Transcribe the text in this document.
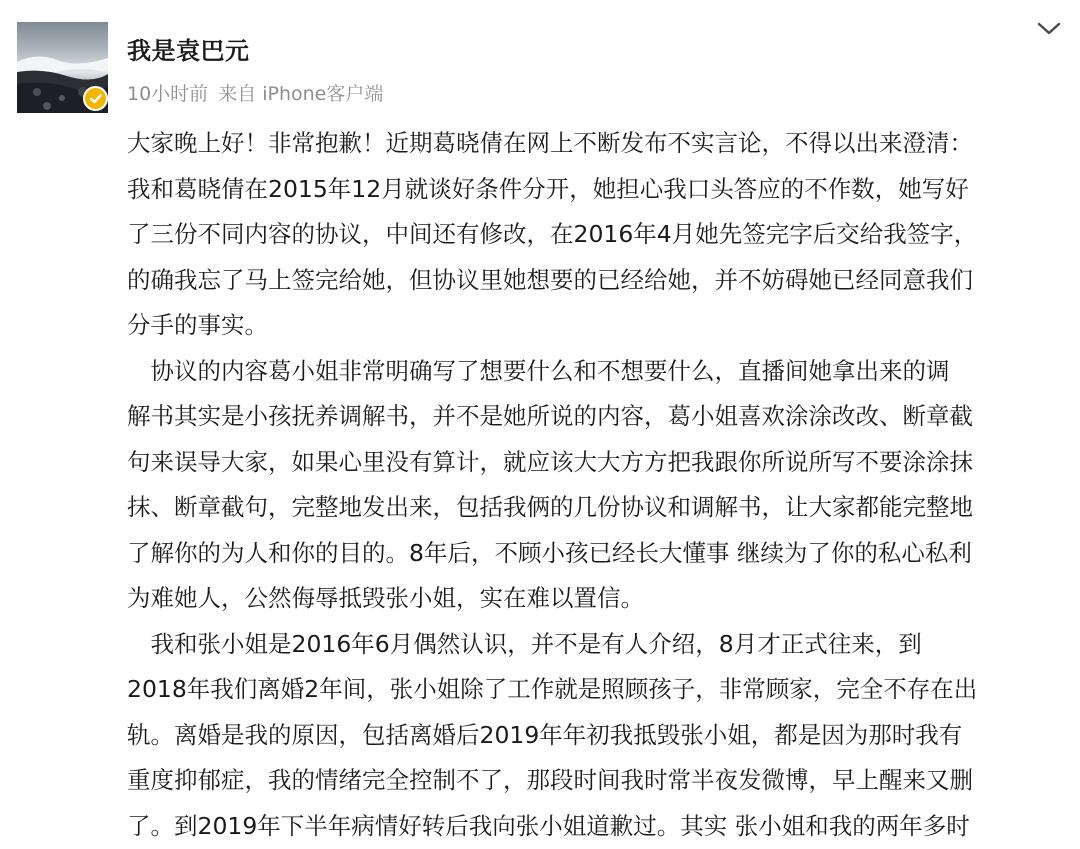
我是袁巴元
10小时前 来自 iPhone客户端

大家晚上好！非常抱歉！近期葛晓倩在网上不断发布不实言论，不得以出来澄清：

我和葛晓倩在2015年12月就谈好条件分开，她担心我口头答应的不作数，她写好

了三份不同内容的协议，中间还有修改，在2016年4月她先签完字后交给我签字，

的确我忘了马上签完给她，但协议里她想要的已经给她，并不妨碍她已经同意我们

分手的事实。

　协议的内容葛小姐非常明确写了想要什么和不想要什么，直播间她拿出来的调

解书其实是小孩抚养调解书，并不是她所说的内容，葛小姐喜欢涂涂改改、断章截

句来误导大家，如果心里没有算计，就应该大大方方把我跟你所说所写不要涂涂抹

抹、断章截句，完整地发出来，包括我俩的几份协议和调解书，让大家都能完整地

了解你的为人和你的目的。8年后，不顾小孩已经长大懂事 继续为了你的私心私利

为难她人，公然侮辱抵毁张小姐，实在难以置信。

　我和张小姐是2016年6月偶然认识，并不是有人介绍，8月才正式往来，到

2018年我们离婚2年间，张小姐除了工作就是照顾孩子，非常顾家，完全不存在出

轨。离婚是我的原因，包括离婚后2019年年初我抵毁张小姐，都是因为那时我有

重度抑郁症，我的情绪完全控制不了，那段时间我时常半夜发微博，早上醒来又删

了。到2019年下半年病情好转后我向张小姐道歉过。其实 张小姐和我的两年多时
